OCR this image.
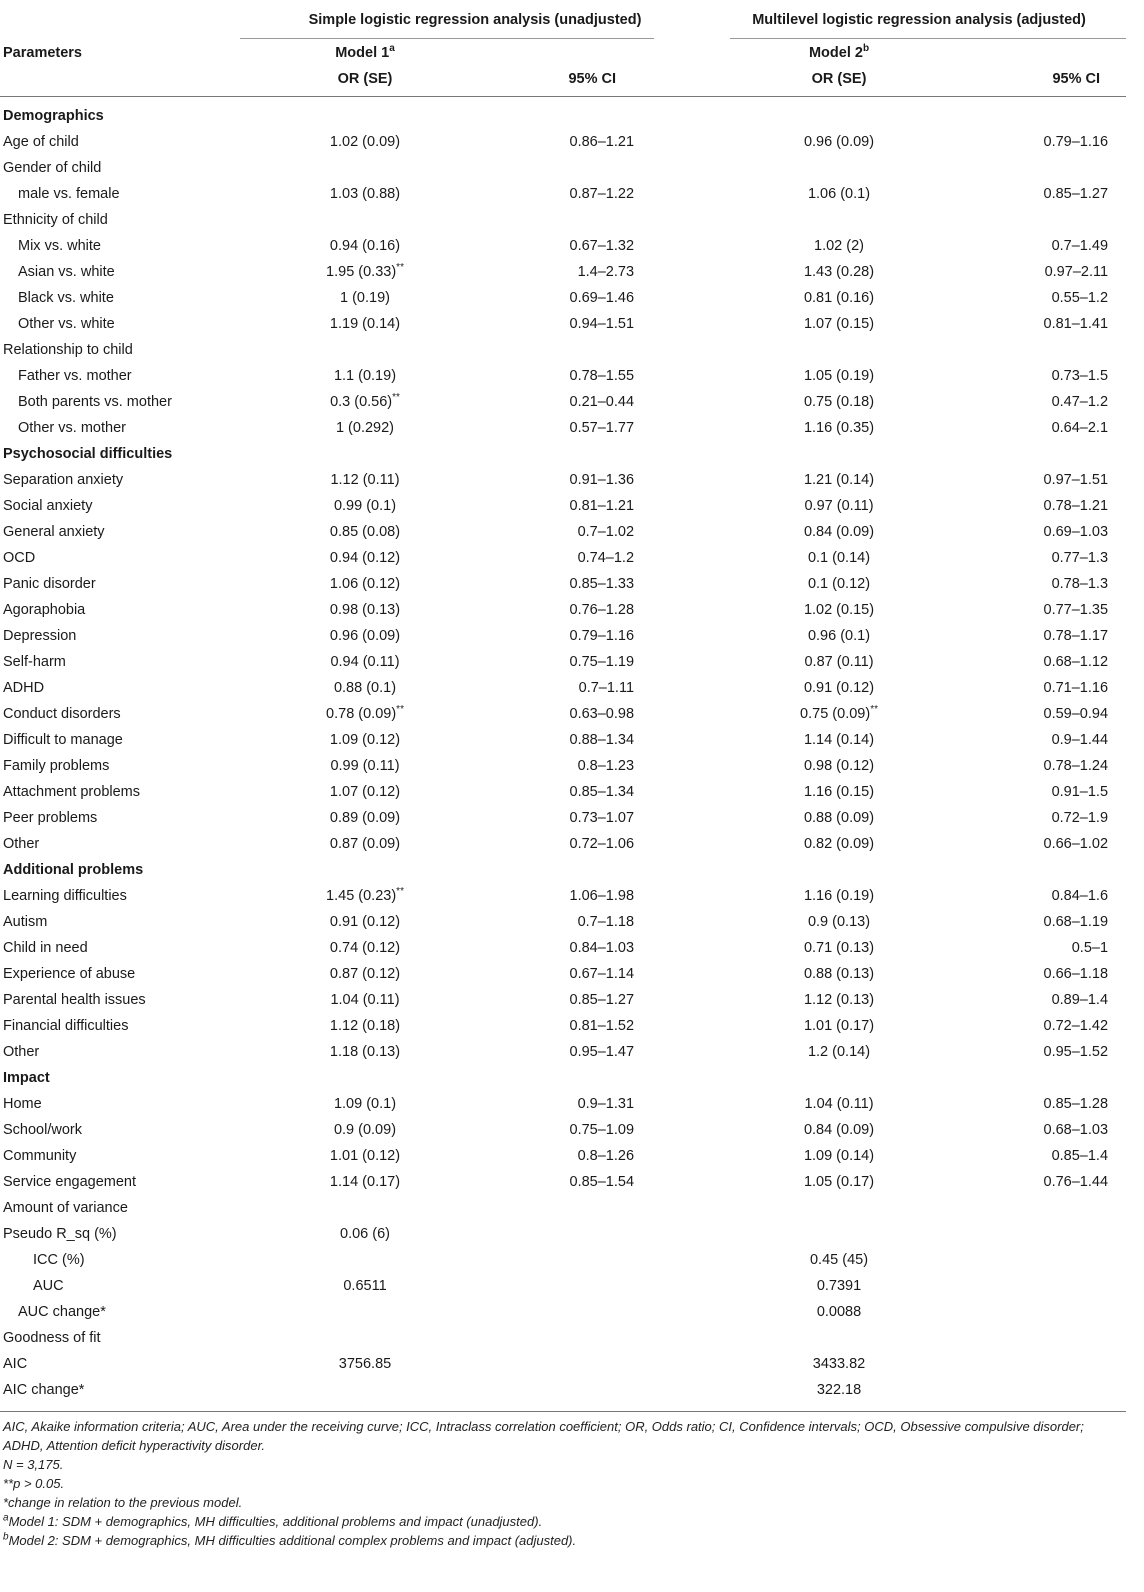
	Simple logistic regression analysis (unadjusted)		Multilevel logistic regression analysis (adjusted)	

Parameters	Model 1$^a$		Model 2$^b$	
	OR (SE)	95% CI	OR (SE)	95% CI
Demographics				
Age of child	1.02 (0.09)	0.86–1.21	0.96 (0.09)	0.79–1.16
Gender of child				
male vs. female	1.03 (0.88)	0.87–1.22	1.06 (0.1)	0.85–1.27
Ethnicity of child				
Mix vs. white	0.94 (0.16)	0.67–1.32	1.02 (2)	0.7–1.49
Asian vs. white	1.95 (0.33)**	1.4–2.73	1.43 (0.28)	0.97–2.11
Black vs. white	1 (0.19)	0.69–1.46	0.81 (0.16)	0.55–1.2
Other vs. white	1.19 (0.14)	0.94–1.51	1.07 (0.15)	0.81–1.41
Relationship to child				
Father vs. mother	1.1 (0.19)	0.78–1.55	1.05 (0.19)	0.73–1.5
Both parents vs. mother	0.3 (0.56)**	0.21–0.44	0.75 (0.18)	0.47–1.2
Other vs. mother	1 (0.292)	0.57–1.77	1.16 (0.35)	0.64–2.1
Psychosocial difficulties				
Separation anxiety	1.12 (0.11)	0.91–1.36	1.21 (0.14)	0.97–1.51
Social anxiety	0.99 (0.1)	0.81–1.21	0.97 (0.11)	0.78–1.21
General anxiety	0.85 (0.08)	0.7–1.02	0.84 (0.09)	0.69–1.03
OCD	0.94 (0.12)	0.74–1.2	0.1 (0.14)	0.77–1.3
Panic disorder	1.06 (0.12)	0.85–1.33	0.1 (0.12)	0.78–1.3
Agoraphobia	0.98 (0.13)	0.76–1.28	1.02 (0.15)	0.77–1.35
Depression	0.96 (0.09)	0.79–1.16	0.96 (0.1)	0.78–1.17
Self-harm	0.94 (0.11)	0.75–1.19	0.87 (0.11)	0.68–1.12
ADHD	0.88 (0.1)	0.7–1.11	0.91 (0.12)	0.71–1.16
Conduct disorders	0.78 (0.09)**	0.63–0.98	0.75 (0.09)**	0.59–0.94
Difficult to manage	1.09 (0.12)	0.88–1.34	1.14 (0.14)	0.9–1.44
Family problems	0.99 (0.11)	0.8–1.23	0.98 (0.12)	0.78–1.24
Attachment problems	1.07 (0.12)	0.85–1.34	1.16 (0.15)	0.91–1.5
Peer problems	0.89 (0.09)	0.73–1.07	0.88 (0.09)	0.72–1.9
Other	0.87 (0.09)	0.72–1.06	0.82 (0.09)	0.66–1.02
Additional problems				
Learning difficulties	1.45 (0.23)**	1.06–1.98	1.16 (0.19)	0.84–1.6
Autism	0.91 (0.12)	0.7–1.18	0.9 (0.13)	0.68–1.19
Child in need	0.74 (0.12)	0.84–1.03	0.71 (0.13)	0.5–1
Experience of abuse	0.87 (0.12)	0.67–1.14	0.88 (0.13)	0.66–1.18
Parental health issues	1.04 (0.11)	0.85–1.27	1.12 (0.13)	0.89–1.4
Financial difficulties	1.12 (0.18)	0.81–1.52	1.01 (0.17)	0.72–1.42
Other	1.18 (0.13)	0.95–1.47	1.2 (0.14)	0.95–1.52
Impact				
Home	1.09 (0.1)	0.9–1.31	1.04 (0.11)	0.85–1.28
School/work	0.9 (0.09)	0.75–1.09	0.84 (0.09)	0.68–1.03
Community	1.01 (0.12)	0.8–1.26	1.09 (0.14)	0.85–1.4
Service engagement	1.14 (0.17)	0.85–1.54	1.05 (0.17)	0.76–1.44
Amount of variance				
Pseudo R_sq (%)	0.06 (6)			
ICC (%)			0.45 (45)	
AUC	0.6511		0.7391	
AUC change*			0.0088	
Goodness of fit				
AIC	3756.85		3433.82	
AIC change*			322.18	
AIC, Akaike information criteria; AUC, Area under the receiving curve; ICC, Intraclass correlation coefficient; OR, Odds ratio; CI, Confidence intervals; OCD, Obsessive compulsive disorder; ADHD, Attention deficit hyperactivity disorder.
N = 3,175.
**p > 0.05.
*change in relation to the previous model.
$^a$Model 1: SDM + demographics, MH difficulties, additional problems and impact (unadjusted).
$^b$Model 2: SDM + demographics, MH difficulties additional complex problems and impact (adjusted).
